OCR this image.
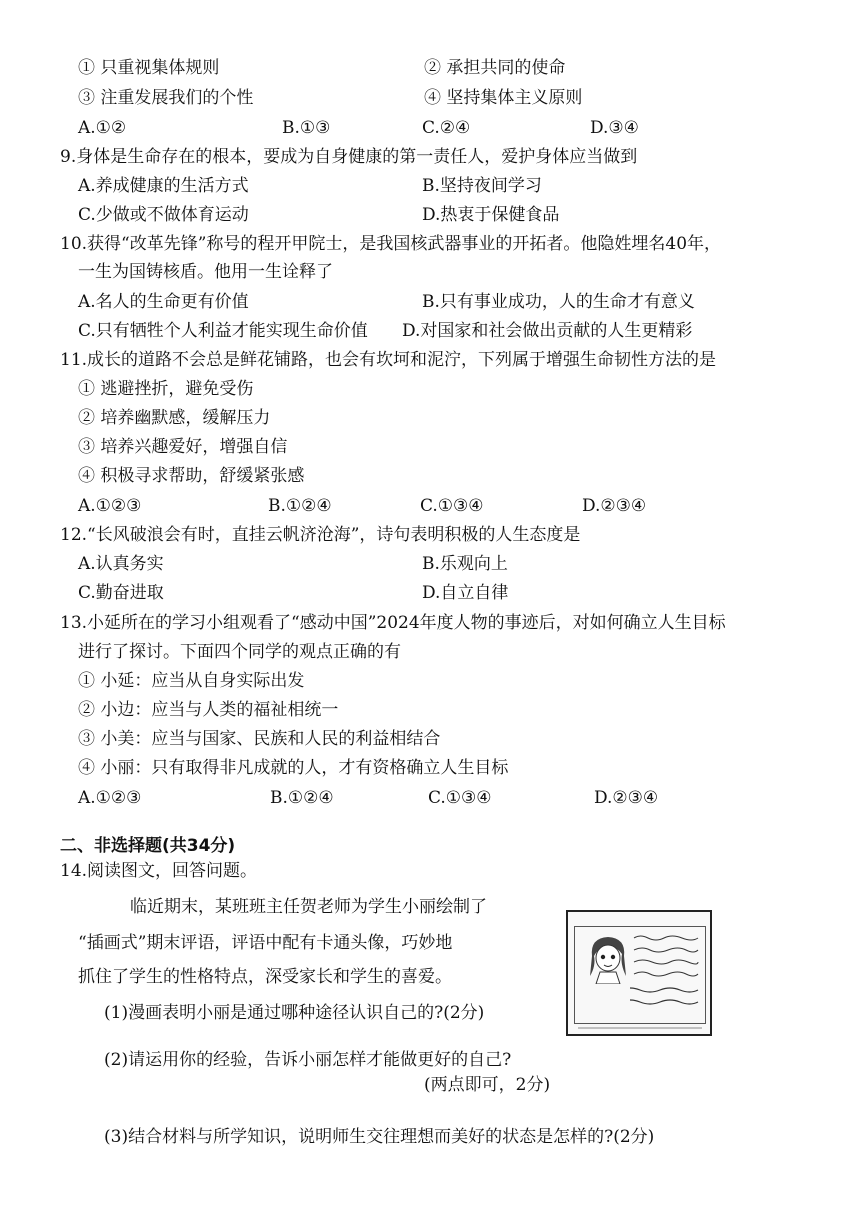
① 只重视集体规则	② 承担共同的使命
③ 注重发展我们的个性	④ 坚持集体主义原则
A.①②	B.①③	C.②④	D.③④
9.身体是生命存在的根本，要成为自身健康的第一责任人，爱护身体应当做到
A.养成健康的生活方式	B.坚持夜间学习
C.少做或不做体育运动	D.热衷于保健食品
10.获得“改革先锋”称号的程开甲院士，是我国核武器事业的开拓者。他隐姓埋名40年，
一生为国铸核盾。他用一生诠释了
A.名人的生命更有价值	B.只有事业成功，人的生命才有意义
C.只有牺牲个人利益才能实现生命价值 D.对国家和社会做出贡献的人生更精彩
11.成长的道路不会总是鲜花铺路，也会有坎坷和泥泞，下列属于增强生命韧性方法的是
① 逃避挫折，避免受伤
② 培养幽默感，缓解压力
③ 培养兴趣爱好，增强自信
④ 积极寻求帮助，舒缓紧张感
A.①②③	B.①②④	C.①③④	D.②③④
12.“长风破浪会有时，直挂云帆济沧海”，诗句表明积极的人生态度是
A.认真务实	B.乐观向上
C.勤奋进取	D.自立自律
13.小延所在的学习小组观看了“感动中国”2024年度人物的事迹后，对如何确立人生目标
进行了探讨。下面四个同学的观点正确的有
① 小延：应当从自身实际出发
② 小边：应当与人类的福祉相统一
③ 小美：应当与国家、民族和人民的利益相结合
④ 小丽：只有取得非凡成就的人，才有资格确立人生目标
A.①②③	B.①②④	C.①③④	D.②③④
二、非选择题(共34分)
14.阅读图文，回答问题。
临近期末，某班班主任贺老师为学生小丽绘制了
“插画式”期末评语，评语中配有卡通头像，巧妙地
抓住了学生的性格特点，深受家长和学生的喜爱。
(1)漫画表明小丽是通过哪种途径认识自己的?(2分)
(2)请运用你的经验，告诉小丽怎样才能做更好的自己?
(两点即可，2分)
(3)结合材料与所学知识，说明师生交往理想而美好的状态是怎样的?(2分)
